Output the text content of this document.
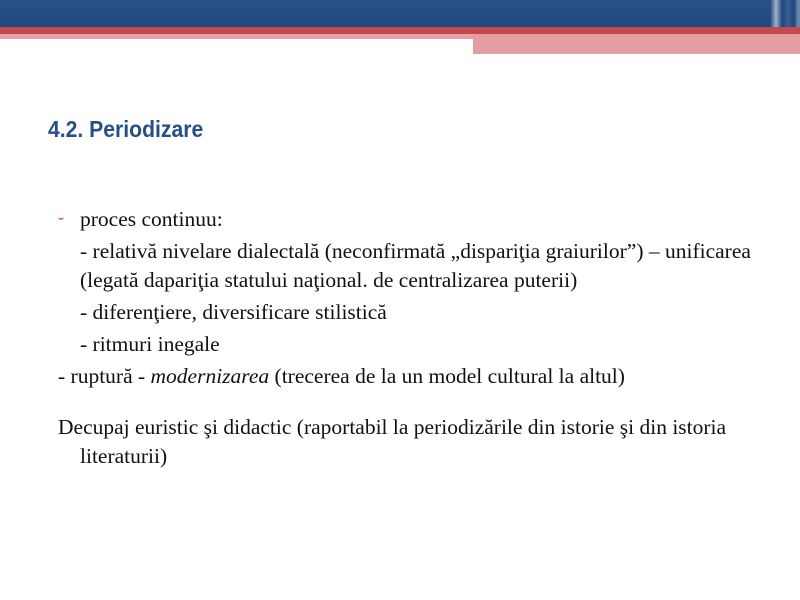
4.2. Periodizare
- proces continuu:
- relativă nivelare dialectală (neconfirmată „dispariţia graiurilor”) – unificarea (legată dapariţia statului naţional. de centralizarea puterii)
- diferenţiere, diversificare stilistică
- ritmuri inegale
- ruptură - modernizarea (trecerea de la un model cultural la altul)
Decupaj euristic şi didactic (raportabil la periodizările din istorie şi din istoria literaturii)
